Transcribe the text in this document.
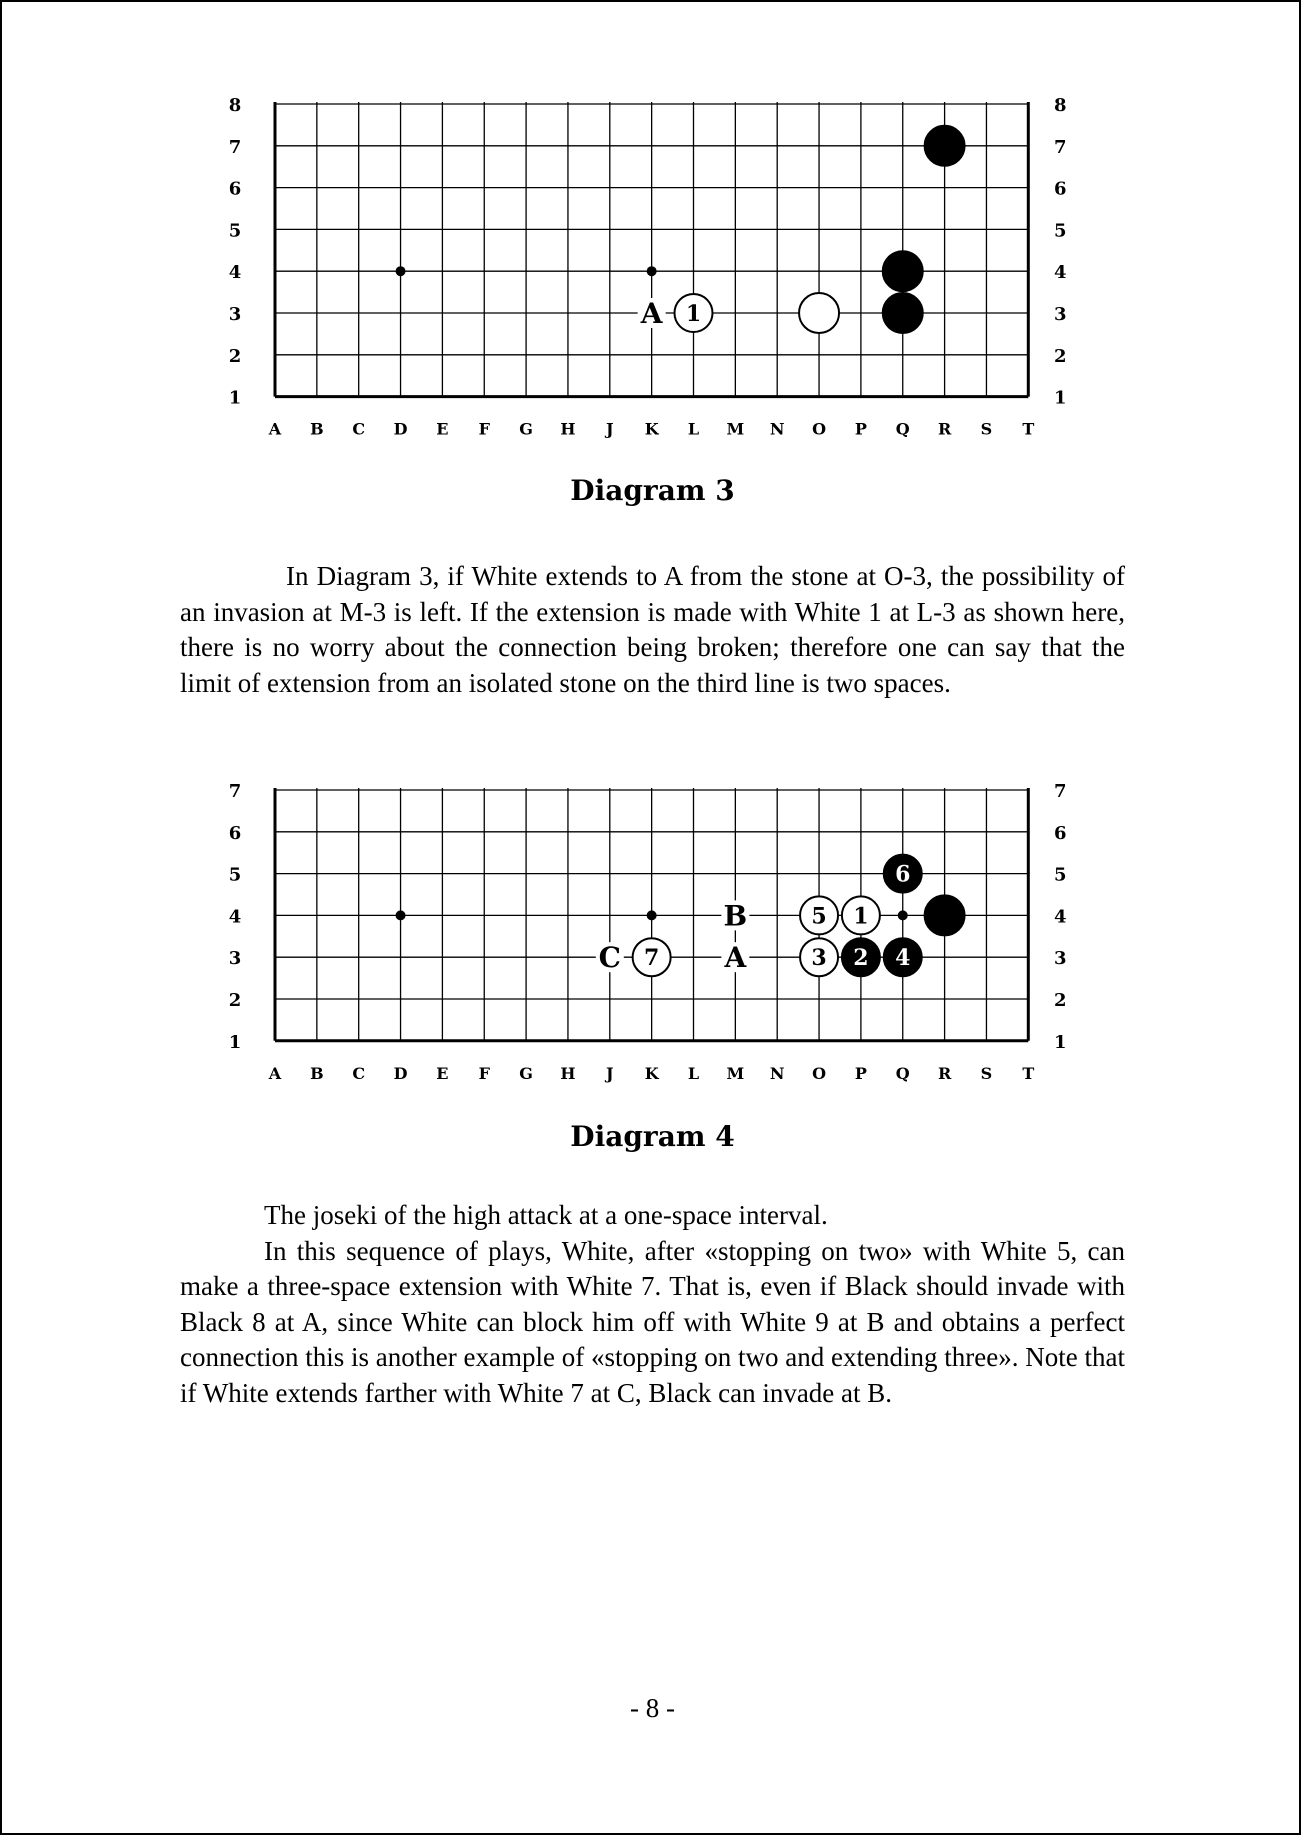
8	8
7	7
6	6
5	5
4	4
3	3
2	2
1	1
A B C D E F G H J K L M N O P Q R S T
A 1
Diagram 3

In Diagram 3, if White extends to A from the stone at O-3, the possibility of an invasion at M-3 is left. If the extension is made with White 1 at L-3 as shown here, there is no worry about the connection being broken; therefore one can say that the limit of extension from an isolated stone on the third line is two spaces.

7	7
6	6
5	5
4	4
3	3
2	2
1	1
A B C D E F G H J K L M N O P Q R S T
B
A
C
6
1
5
3 2 4
7
Diagram 4

The joseki of the high attack at a one-space interval.

In this sequence of plays, White, after «stopping on two» with White 5, can make a three-space extension with White 7. That is, even if Black should invade with Black 8 at A, since White can block him off with White 9 at B and obtains a perfect connection this is another example of «stopping on two and extending three». Note that if White extends farther with White 7 at C, Black can invade at B.

- 8 -
